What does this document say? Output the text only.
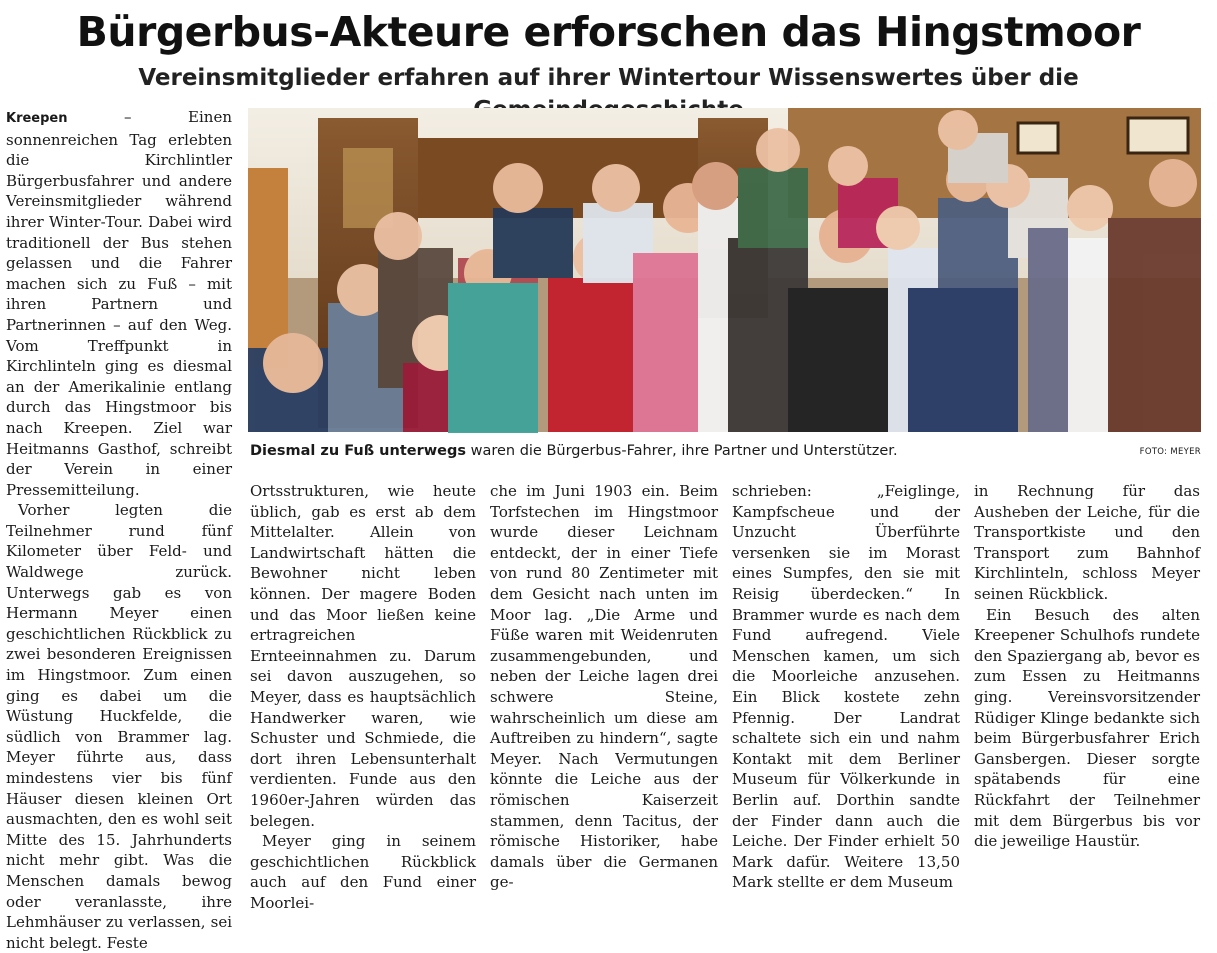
Bürgerbus-Akteure erforschen das Hingstmoor
Vereinsmitglieder erfahren auf ihrer Wintertour Wissenswertes über die

Kreepen – Einen sonnenreichen Tag erlebten die Kirchlintler Bürgerbusfahrer und andere Vereinsmitglieder während ihrer Winter-Tour. Dabei wird traditionell der Bus stehen gelassen und die Fahrer machen sich zu Fuß – mit ihren Partnern und Partnerinnen – auf den Weg. Vom Treffpunkt in Kirchlinteln ging es diesmal an der Amerikalinie entlang durch das Hingstmoor bis nach Kreepen. Ziel war Heitmanns Gasthof, schreibt der Verein in einer Pressemitteilung.

Vorher legten die Teilnehmer rund fünf Kilometer über Feld- und Waldwege zurück. Unterwegs gab es von Hermann Meyer einen geschichtlichen Rückblick zu zwei besonderen Ereignissen im Hingstmoor. Zum einen ging es dabei um die Wüstung Huckfelde, die südlich von Brammer lag. Meyer führte aus, dass mindestens vier bis fünf Häuser diesen kleinen Ort ausmachten, den es wohl seit Mitte des 15. Jahrhunderts nicht mehr gibt. Was die Menschen damals bewog oder veranlasste, ihre Lehmhäuser zu verlassen, sei nicht belegt. Feste

Diesmal zu Fuß unterwegs waren die Bürgerbus-Fahrer, ihre Partner und Unterstützer.	FOTO: MEYER

Ortsstrukturen, wie heute üblich, gab es erst ab dem Mittelalter. Allein von Landwirtschaft hätten die Bewohner nicht leben können. Der magere Boden und das Moor ließen keine ertragreichen Ernteeinnahmen zu. Darum sei davon auszugehen, so Meyer, dass es hauptsächlich Handwerker waren, wie Schuster und Schmiede, die dort ihren Lebensunterhalt verdienten. Funde aus den 1960er-Jahren würden das belegen.

Meyer ging in seinem geschichtlichen Rückblick auch auf den Fund einer Moorlei-

che im Juni 1903 ein. Beim Torfstechen im Hingstmoor wurde dieser Leichnam entdeckt, der in einer Tiefe von rund 80 Zentimeter mit dem Gesicht nach unten im Moor lag. „Die Arme und Füße waren mit Weidenruten zusammengebunden, und neben der Leiche lagen drei schwere Steine, wahrscheinlich um diese am Auftreiben zu hindern“, sagte Meyer. Nach Vermutungen könnte die Leiche aus der römischen Kaiserzeit stammen, denn Tacitus, der römische Historiker, habe damals über die Germanen ge-

schrieben: „Feiglinge, Kampfscheue und der Unzucht Überführte versenken sie im Morast eines Sumpfes, den sie mit Reisig überdecken.“ In Brammer wurde es nach dem Fund aufregend. Viele Menschen kamen, um sich die Moorleiche anzusehen. Ein Blick kostete zehn Pfennig. Der Landrat schaltete sich ein und nahm Kontakt mit dem Berliner Museum für Völkerkunde in Berlin auf. Dorthin sandte der Finder dann auch die Leiche. Der Finder erhielt 50 Mark dafür. Weitere 13,50 Mark stellte er dem Museum

in Rechnung für das Ausheben der Leiche, für die Transportkiste und den Transport zum Bahnhof Kirchlinteln, schloss Meyer seinen Rückblick.

Ein Besuch des alten Kreepener Schulhofs rundete den Spaziergang ab, bevor es zum Essen zu Heitmanns ging. Vereinsvorsitzender Rüdiger Klinge bedankte sich beim Bürgerbusfahrer Erich Gansbergen. Dieser sorgte spätabends für eine Rückfahrt der Teilnehmer mit dem Bürgerbus bis vor die jeweilige Haustür.
